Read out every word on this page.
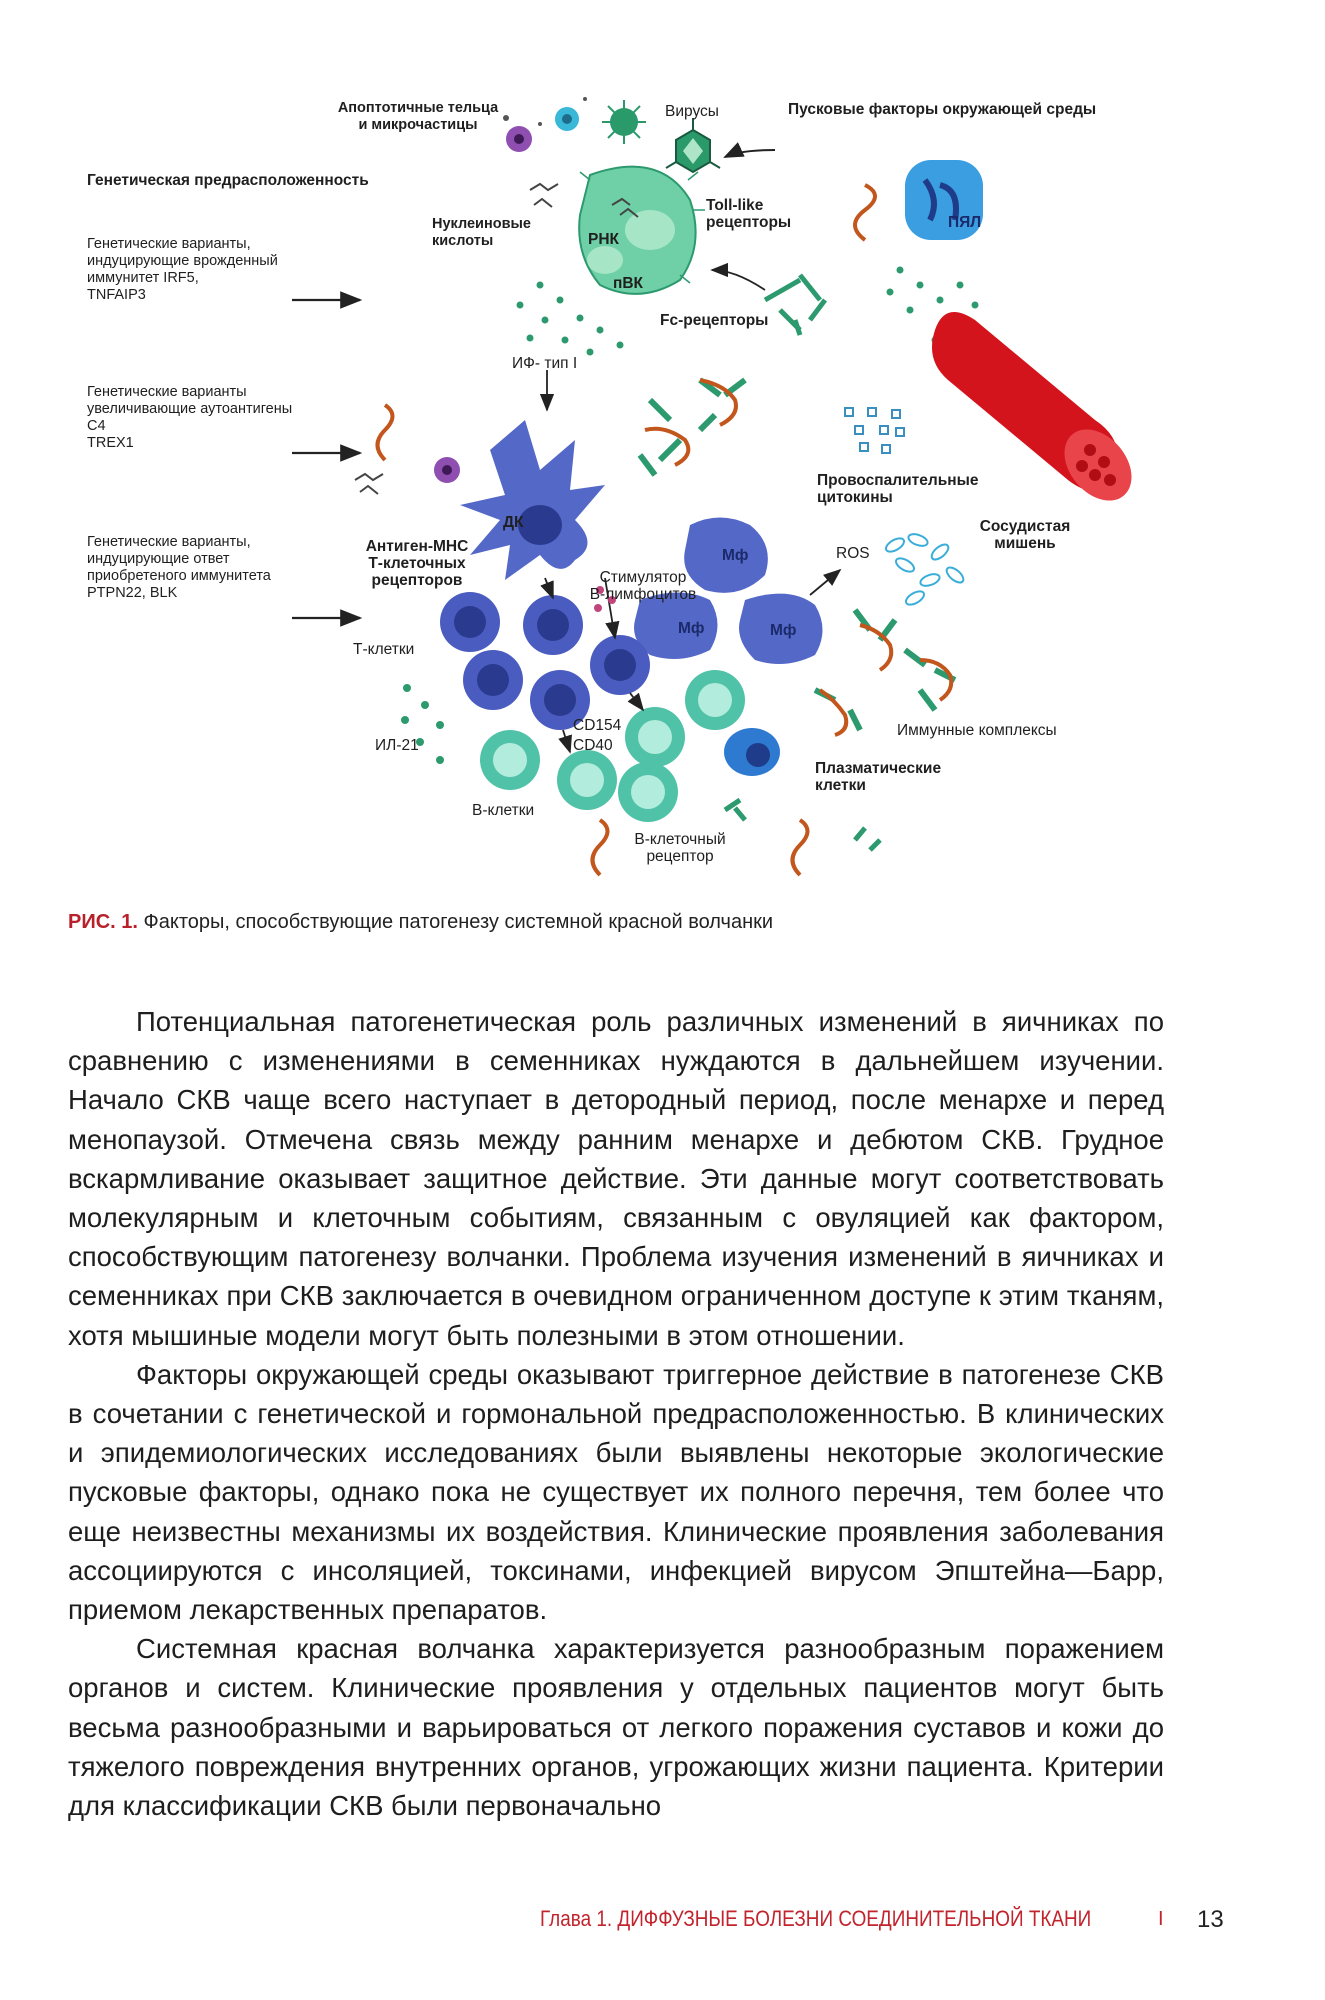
Апоптотичные тельца
и микрочастицы
Вирусы	Пусковые факторы окружающей среды
Генетическая предрасположенность
Генетические варианты,
индуцирующие врожденный
иммунитет IRF5,
TNFAIP3
Нуклеиновые
кислоты	РНК
пВК
Toll-like
рецепторы
Fc-рецепторы
ПЯЛ
ИФ- тип I
Генетические варианты
увеличивающие аутоантигены
C4
TREX1
Провоспалительные
цитокины
Сосудистая
мишень
ДК
Антиген-MHC
Т-клеточных
рецепторов
Генетические варианты,
индуцирующие ответ
приобретеного иммунитета
PTPN22, BLK
Стимулятор
В-лимфоцитов
Мф
Мф	Мф
ROS
Т-клетки
Иммунные комплексы
ИЛ-21
CD154
CD40
Плазматические
клетки
В-клетки
В-клеточный
рецептор
РИС. 1. Факторы, способствующие патогенезу системной красной волчанки

Потенциальная патогенетическая роль различных изменений в яичниках по сравнению с изменениями в семенниках нуждаются в дальнейшем изучении. Начало СКВ чаще всего наступает в детородный период, после менархе и перед менопаузой. Отмечена связь между ранним менархе и дебютом СКВ. Грудное вскармливание оказывает защитное действие. Эти данные могут соответствовать молекулярным и клеточным событиям, связанным с овуляцией как фактором, способствующим патогенезу волчанки. Проблема изучения изменений в яичниках и семенниках при СКВ заключается в очевидном ограниченном доступе к этим тканям, хотя мышиные модели могут быть полезными в этом отношении.

Факторы окружающей среды оказывают триггерное действие в патогенезе СКВ в сочетании с генетической и гормональной предрасположенностью. В клинических и эпидемиологических исследованиях были выявлены некоторые экологические пусковые факторы, однако пока не существует их полного перечня, тем более что еще неизвестны механизмы их воздействия. Клинические проявления заболевания ассоциируются с инсоляцией, токсинами, инфекцией вирусом Эпштейна—Барр, приемом лекарственных препаратов.

Системная красная волчанка характеризуется разнообразным поражением органов и систем. Клинические проявления у отдельных пациентов могут быть весьма разнообразными и варьироваться от легкого поражения суставов и кожи до тяжелого повреждения внутренних органов, угрожающих жизни пациента. Критерии для классификации СКВ были первоначально

Глава 1. ДИФФУЗНЫЕ БОЛЕЗНИ СОЕДИНИТЕЛЬНОЙ ТКАНИ	I 13
